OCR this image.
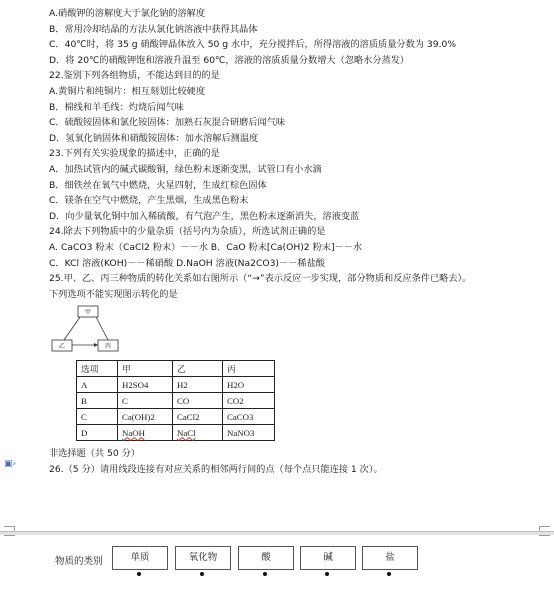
A.硝酸钾的溶解度大于氯化钠的溶解度
B．常用冷却结晶的方法从氯化钠溶液中获得其晶体
C．40℃时，将 35 g 硝酸钾晶体放入 50 g 水中，充分搅拌后，所得溶液的溶质质量分数为 39.0%
D．将 20℃的硝酸钾饱和溶液升温至 60℃，溶液的溶质质量分数增大（忽略水分蒸发）
22.鉴别下列各组物质，不能达到目的的是
A.黄铜片和纯铜片：相互刻划比较硬度
B．棉线和羊毛线：灼烧后闻气味
C．硫酸铵固体和氯化铵固体：加熟石灰混合研磨后闻气味
D．氢氧化钠固体和硝酸铵固体：加水溶解后测温度
23.下列有关实验现象的描述中，正确的是
A．加热试管内的碱式碳酸铜，绿色粉末逐渐变黑，试管口有小水滴
B．细铁丝在氧气中燃烧，火星四射，生成红棕色固体
C．镁条在空气中燃烧，产生黑烟，生成黑色粉末
D．向少量氧化铜中加入稀硫酸，有气泡产生，黑色粉末逐渐消失，溶液变蓝
24.除去下列物质中的少量杂质（括号内为杂质），所选试剂正确的是
A. CaCO3 粉末（CaCl2 粉末）－－水 B．CaO 粉末[Ca(OH)2 粉末]－－水
C．KCl 溶液(KOH)－－稀硝酸 D.NaOH 溶液(Na2CO3)－－稀盐酸
25.甲、乙、丙三种物质的转化关系如右图所示（“→”表示反应一步实现，部分物质和反应条件已略去）。
下列选项不能实现图示转化的是
甲
乙	丙
选项	甲	乙	丙
A	H2SO4	H2	H2O
B	C	CO	CO2
C	Ca(OH)2	CaCl2	CaCO3
D	NaOH	NaCl	NaNO3
非选择题（共 50 分）
26.（5 分）请用线段连接有对应关系的相邻两行间的点（每个点只能连接 1 次）。
▣›
物质的类别	单质	氧化物	酸	碱	盐
